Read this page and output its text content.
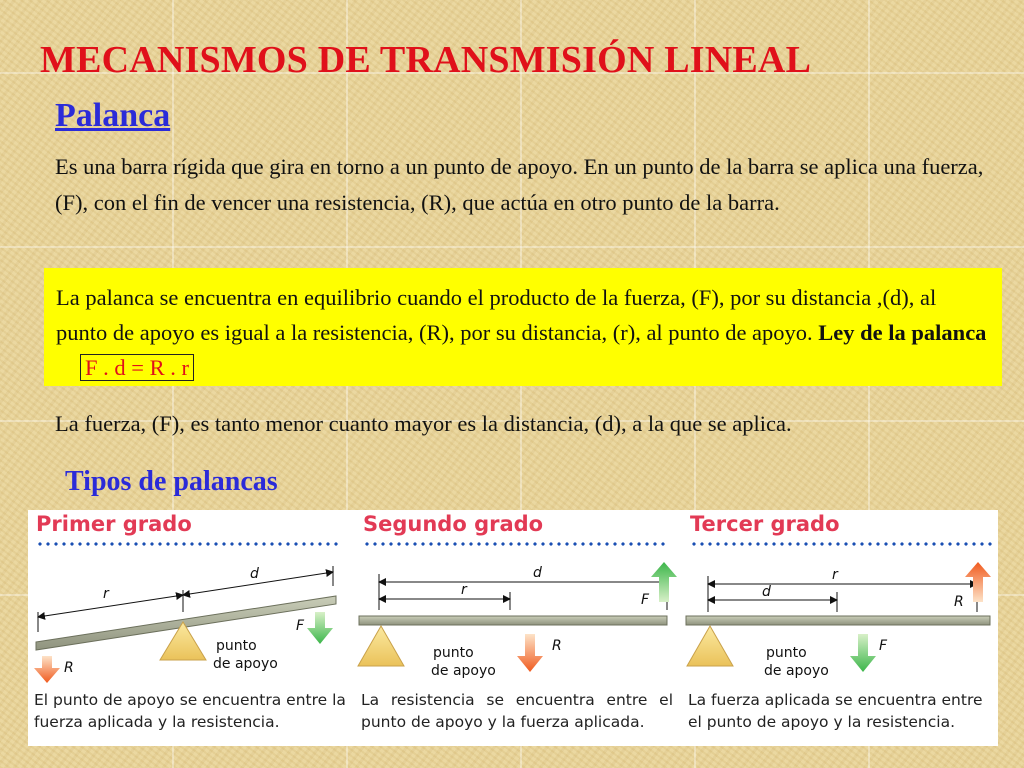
MECANISMOS DE TRANSMISIÓN LINEAL
Palanca
Es una barra rígida que gira en torno a un punto de apoyo. En un punto de la barra se aplica una fuerza, (F), con el fin de vencer una resistencia, (R), que actúa en otro punto de la barra.
La palanca se encuentra en equilibrio cuando el producto de la fuerza, (F), por su distancia ,(d), al punto de apoyo es igual a la resistencia, (R), por su distancia, (r), al punto de apoyo. Ley de la palanca F . d = R . r
La fuerza, (F), es tanto menor cuanto mayor es la distancia, (d), a la que se aplica.
Tipos de palancas
Primer grado
r
d
punto
de apoyo
F
R
El punto de apoyo se encuentra entre la fuerza aplicada y la resistencia.
Segundo grado
d
r
punto
de apoyo
F
R
La resistencia se encuentra entre el punto de apoyo y la fuerza aplicada.
Tercer grado
r
d
punto
de apoyo
R
F
La fuerza aplicada se encuentra entre el punto de apoyo y la resistencia.
